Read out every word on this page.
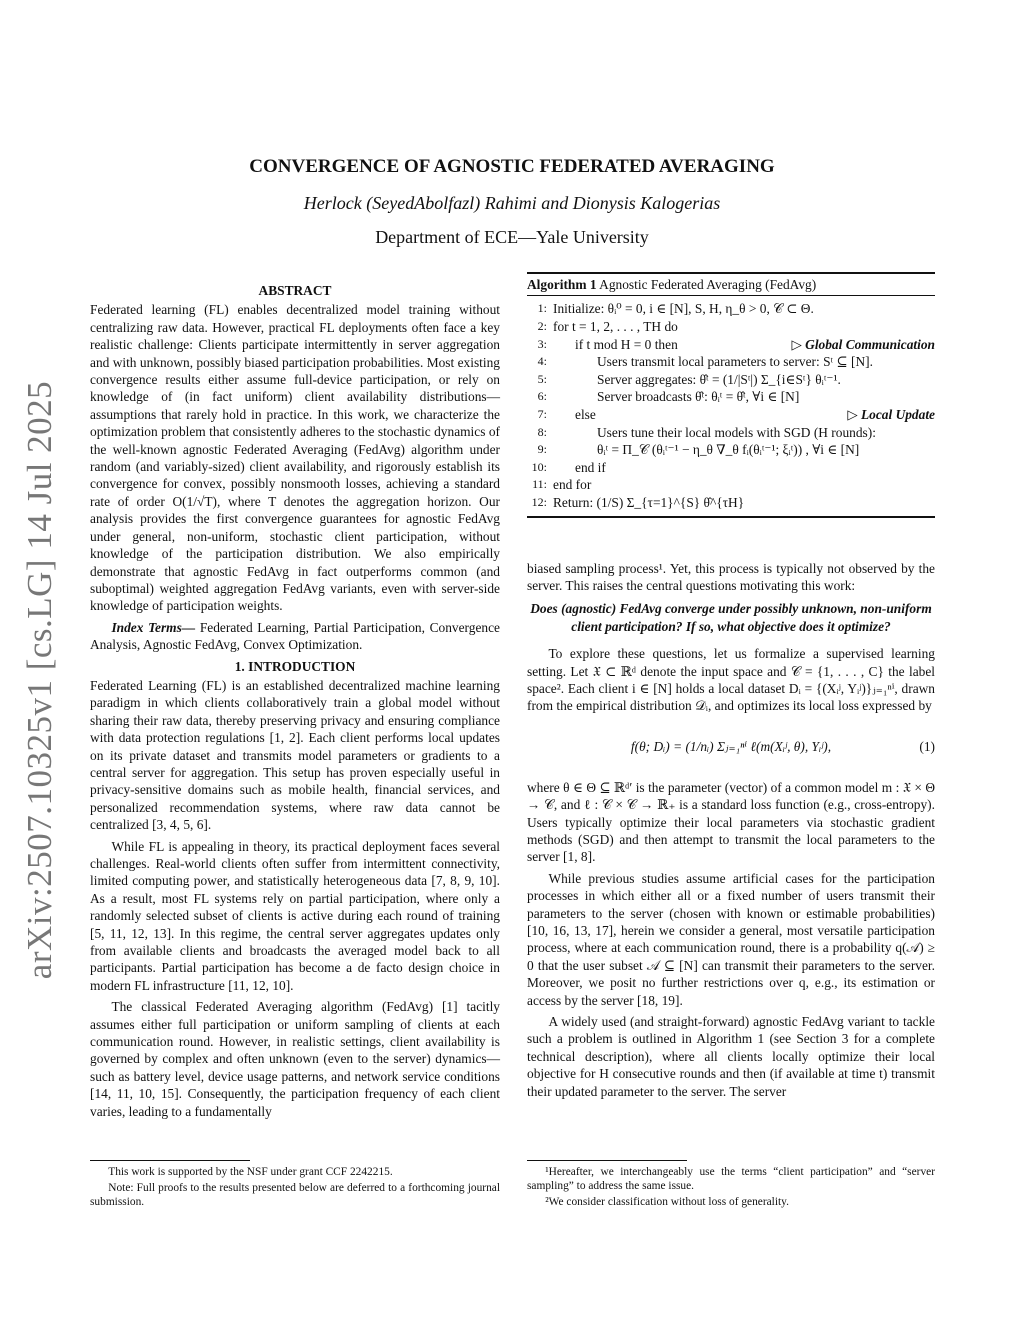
arXiv:2507.10325v1 [cs.LG] 14 Jul 2025
CONVERGENCE OF AGNOSTIC FEDERATED AVERAGING
Herlock (SeyedAbolfazl) Rahimi and Dionysis Kalogerias
Department of ECE—Yale University
ABSTRACT

Federated learning (FL) enables decentralized model training without centralizing raw data. However, practical FL deployments often face a key realistic challenge: Clients participate intermittently in server aggregation and with unknown, possibly biased participation probabilities. Most existing convergence results either assume full-device participation, or rely on knowledge of (in fact uniform) client availability distributions—assumptions that rarely hold in practice. In this work, we characterize the optimization problem that consistently adheres to the stochastic dynamics of the well-known agnostic Federated Averaging (FedAvg) algorithm under random (and variably-sized) client availability, and rigorously establish its convergence for convex, possibly nonsmooth losses, achieving a standard rate of order O(1/√T), where T denotes the aggregation horizon. Our analysis provides the first convergence guarantees for agnostic FedAvg under general, non-uniform, stochastic client participation, without knowledge of the participation distribution. We also empirically demonstrate that agnostic FedAvg in fact outperforms common (and suboptimal) weighted aggregation FedAvg variants, even with server-side knowledge of participation weights.

Index Terms— Federated Learning, Partial Participation, Convergence Analysis, Agnostic FedAvg, Convex Optimization.

1. INTRODUCTION

Federated Learning (FL) is an established decentralized machine learning paradigm in which clients collaboratively train a global model without sharing their raw data, thereby preserving privacy and ensuring compliance with data protection regulations [1, 2]. Each client performs local updates on its private dataset and transmits model parameters or gradients to a central server for aggregation. This setup has proven especially useful in privacy-sensitive domains such as mobile health, financial services, and personalized recommendation systems, where raw data cannot be centralized [3, 4, 5, 6].

While FL is appealing in theory, its practical deployment faces several challenges. Real-world clients often suffer from intermittent connectivity, limited computing power, and statistically heterogeneous data [7, 8, 9, 10]. As a result, most FL systems rely on partial participation, where only a randomly selected subset of clients is active during each round of training [5, 11, 12, 13]. In this regime, the central server aggregates updates only from available clients and broadcasts the averaged model back to all participants. Partial participation has become a de facto design choice in modern FL infrastructure [11, 12, 10].

The classical Federated Averaging algorithm (FedAvg) [1] tacitly assumes either full participation or uniform sampling of clients at each communication round. However, in realistic settings, client availability is governed by complex and often unknown (even to the server) dynamics—such as battery level, device usage patterns, and network service conditions [14, 11, 10, 15]. Consequently, the participation frequency of each client varies, leading to a fundamentally

Algorithm 1 Agnostic Federated Averaging (FedAvg)
1: Initialize: θᵢ⁰ = 0, i ∈ [N], S, H, η_θ > 0, 𝒞 ⊂ Θ.
2: for t = 1, 2, . . . , TH do
3: if t mod H = 0 then	▷ Global Communication
4:	Users transmit local parameters to server: Sᵗ ⊆ [N].
5:	Server aggregates: θ̂ᵗ = (1/|Sᵗ|) Σ_{i∈Sᵗ} θᵢᵗ⁻¹.
6:	Server broadcasts θ̂ᵗ: θᵢᵗ = θ̂ᵗ, ∀i ∈ [N]
7: else	▷ Local Update
8:	Users tune their local models with SGD (H rounds):
9:	θᵢᵗ = Π_𝒞 (θᵢᵗ⁻¹ − η_θ ∇_θ fᵢ(θᵢᵗ⁻¹; ξᵢᵗ)) , ∀i ∈ [N]
10: end if
11: end for
12: Return: (1/S) Σ_{τ=1}^{S} θ̂^{τH}

biased sampling process¹. Yet, this process is typically not observed by the server. This raises the central questions motivating this work:

Does (agnostic) FedAvg converge under possibly unknown, non-uniform client participation? If so, what objective does it optimize?

To explore these questions, let us formalize a supervised learning setting. Let 𝔛 ⊂ ℝᵈ denote the input space and 𝒞 = {1, . . . , C} the label space². Each client i ∈ [N] holds a local dataset Dᵢ = {(Xᵢʲ, Yᵢʲ)}ⱼ₌₁ⁿⁱ, drawn from the empirical distribution 𝒟ᵢ, and optimizes its local loss expressed by

f(θ; Dᵢ) = (1/nᵢ) Σⱼ₌₁ⁿⁱ ℓ(m(Xᵢʲ, θ), Yᵢʲ),	(1)

where θ ∈ Θ ⊆ ℝᵈ′ is the parameter (vector) of a common model m : 𝔛 × Θ → 𝒞, and ℓ : 𝒞 × 𝒞 → ℝ₊ is a standard loss function (e.g., cross-entropy). Users typically optimize their local parameters via stochastic gradient methods (SGD) and then attempt to transmit the local parameters to the server [1, 8].

While previous studies assume artificial cases for the participation processes in which either all or a fixed number of users transmit their parameters to the server (chosen with known or estimable probabilities) [10, 16, 13, 17], herein we consider a general, most versatile participation process, where at each communication round, there is a probability q(𝒜) ≥ 0 that the user subset 𝒜 ⊆ [N] can transmit their parameters to the server. Moreover, we posit no further restrictions over q, e.g., its estimation or access by the server [18, 19].

A widely used (and straight-forward) agnostic FedAvg variant to tackle such a problem is outlined in Algorithm 1 (see Section 3 for a complete technical description), where all clients locally optimize their local objective for H consecutive rounds and then (if available at time t) transmit their updated parameter to the server. The server

This work is supported by the NSF under grant CCF 2242215.

Note: Full proofs to the results presented below are deferred to a forthcoming journal submission.

¹Hereafter, we interchangeably use the terms “client participation” and “server sampling” to address the same issue.

²We consider classification without loss of generality.
